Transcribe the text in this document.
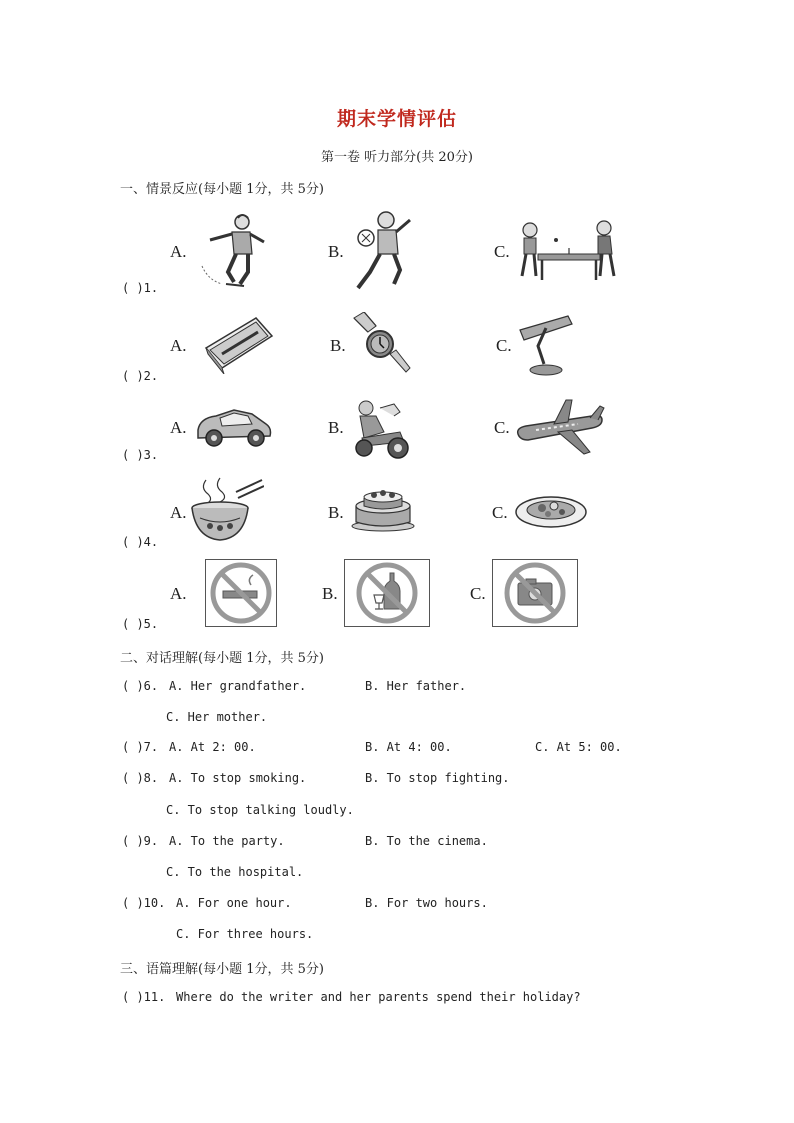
期末学情评估
第一卷 听力部分(共 20分)
一、情景反应(每小题 1分，共 5分)
( )1.
A.	B.	C.
( )2.
A.	B.	C.
( )3.
A.	B.	C.
( )4.
A.	B.	C.
( )5.
A.	B.	C.
二、对话理解(每小题 1分，共 5分)
( )6. A. Her grandfather.	B. Her father.
C. Her mother.
( )7. A. At 2: 00.	B. At 4: 00.	C. At 5: 00.
( )8. A. To stop smoking.	B. To stop fighting.
C. To stop talking loudly.
( )9. A. To the party.	B. To the cinema.
C. To the hospital.
( )10. A. For one hour.	B. For two hours.
C. For three hours.
三、语篇理解(每小题 1分，共 5分)
( )11. Where do the writer and her parents spend their holiday?
